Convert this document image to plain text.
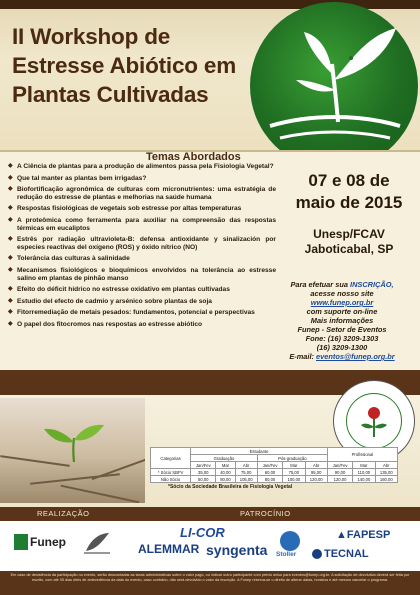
II Workshop de
Estresse Abiótico em
Plantas Cultivadas
Temas Abordados
◆ A Ciência de plantas para a produção de alimentos passa pela Fisiologia Vegetal?
◆ Que tal manter as plantas bem irrigadas?
◆ Biofortificação agronômica de culturas com micronutrientes: uma estratégia de redução do estresse de plantas e melhorias na saúde humana
◆ Respostas fisiológicas de vegetais sob estresse por altas temperaturas
◆ A proteômica como ferramenta para auxiliar na compreensão das respostas térmicas em eucaliptos
◆ Estrês por radiação ultravioleta-B: defensa antioxidante y sinalización por especies reactivas del oxígeno (ROS) y óxido nítrico (NO)
◆ Tolerância das culturas à salinidade
◆ Mecanismos fisiológicos e bioquímicos envolvidos na tolerância ao estresse salino em plantas de pinhão manso
◆ Efeito do déficit hídrico no estresse oxidativo em plantas cultivadas
◆ Estudio del efecto de cadmio y arsénico sobre plantas de soja
◆ Fitorremediação de metais pesados: fundamentos, potencial e perspectivas
◆ O papel dos fitocromos nas respostas ao estresse abiótico
07 e 08 de
maio de 2015
Unesp/FCAV
Jaboticabal, SP
Para efetuar sua INSCRIÇÃO,
acesse nosso site
www.funep.org.br
com suporte on-line
Mais informações
Funep - Setor de Eventos
Fone: (16) 3209-1303
(16) 3209-1300
E-mail: eventos@funep.org.br
Categorias	Estudante						Profissional		
	Graduação			Pós-graduação					
	Jan/Fev	Mar	Abr	Jan/Fev	Mar	Abr	Jan/Fev	Mar	Abr
* Sócio SBFV	35,00	40,00	75,00	60,00	75,00	95,00	90,00	110,00	135,00
Não Sócio	50,00	80,00	105,00	80,00	100,00	120,00	120,00	140,00	160,00
*Sócio da Sociedade Brasileira de Fisiologia Vegetal
REALIZAÇÃO	PATROCÍNIO
Funep
LI-COR
ALEMMAR syngenta Stoller
▲FAPESP
TECNAL

Em caso de desistência da participação no evento, serão descontadas as taxas administrativas sobre o valor pago, ou indicar outro participante com prévio aviso para eventos@funep.org.br. A solicitação de devolutiva deverá ser feita por escrito, com até 05 dias úteis de antecedência da data do evento, caso contrário, não será devolvido o valor da inscrição. A Funep reserva-se o direito de alterar datas, horários e até mesmo cancelar o programa.
